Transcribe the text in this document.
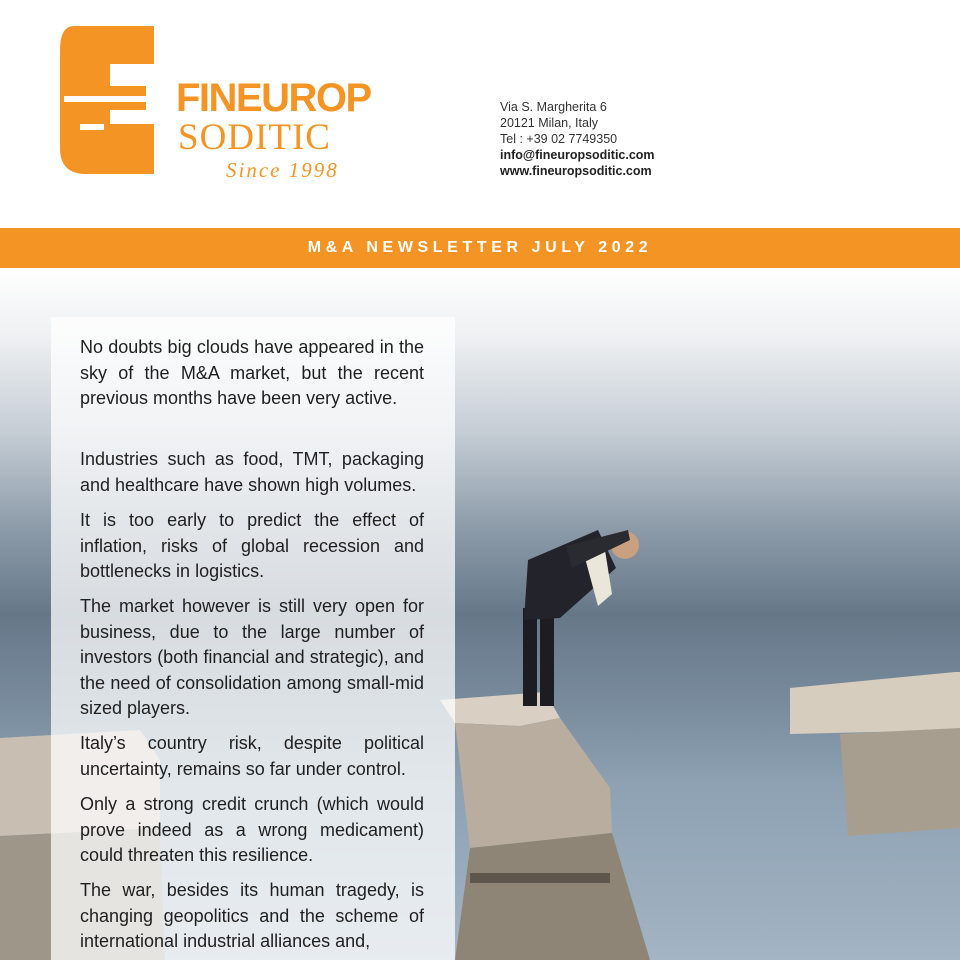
FINEUROP
SODITIC
Since 1998
Via S. Margherita 6
20121 Milan, Italy
Tel : +39 02 7749350
info@fineuropsoditic.com
www.fineuropsoditic.com
M&A NEWSLETTER JULY 2022

No doubts big clouds have appeared in the sky of the M&A market, but the recent previous months have been very active.

Industries such as food, TMT, packaging and healthcare have shown high volumes.

It is too early to predict the effect of inflation, risks of global recession and bottlenecks in logistics.

The market however is still very open for business, due to the large number of investors (both financial and strategic), and the need of consolidation among small-mid sized players.

Italy’s country risk, despite political uncertainty, remains so far under control.

Only a strong credit crunch (which would prove indeed as a wrong medicament) could threaten this resilience.

The war, besides its human tragedy, is changing geopolitics and the scheme of international industrial alliances and,
